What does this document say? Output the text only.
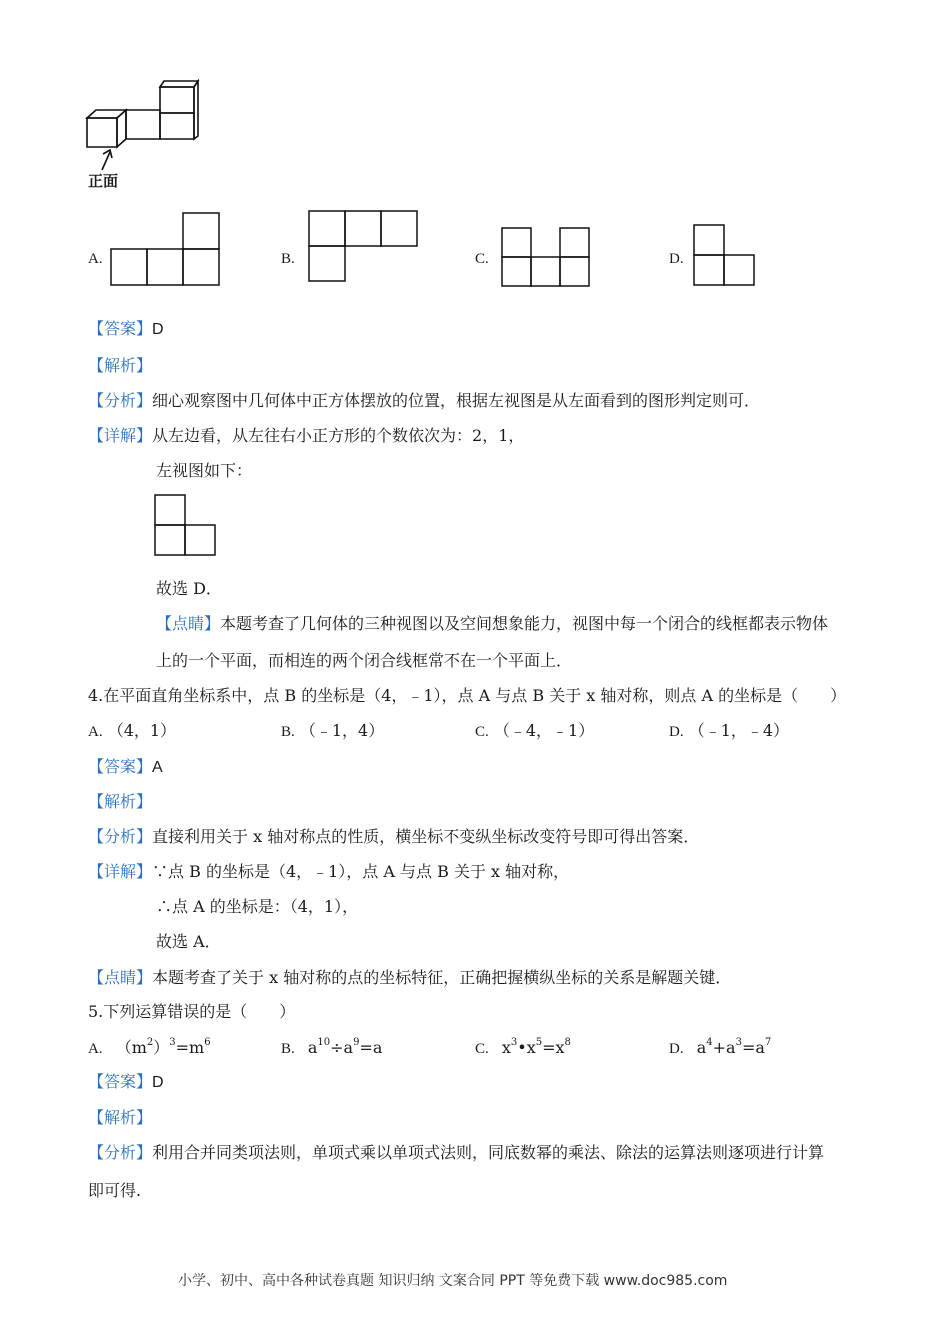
正面
A.	B.	C.	D.
【答案】D
【解析】
【分析】细心观察图中几何体中正方体摆放的位置，根据左视图是从左面看到的图形判定则可．
【详解】从左边看，从左往右小正方形的个数依次为：2，1，
左视图如下：
故选 D．
【点睛】本题考查了几何体的三种视图以及空间想象能力，视图中每一个闭合的线框都表示物体
上的一个平面，而相连的两个闭合线框常不在一个平面上．
4.在平面直角坐标系中，点 B 的坐标是（4，﹣1），点 A 与点 B 关于 x 轴对称，则点 A 的坐标是（　　）
A. （4，1）	B. （﹣1，4）	C. （﹣4，﹣1）	D. （﹣1，﹣4）
【答案】A
【解析】
【分析】直接利用关于 x 轴对称点的性质，横坐标不变纵坐标改变符号即可得出答案．
【详解】∵点 B 的坐标是（4，﹣1），点 A 与点 B 关于 x 轴对称，
∴点 A 的坐标是：（4，1），
故选 A．
【点睛】本题考查了关于 x 轴对称的点的坐标特征，正确把握横纵坐标的关系是解题关键．
5.下列运算错误的是（　　）
A. $(m^2)^3=m^6$	B. $a^{10}\div a^9=a$	C. $x^3•x^5=x^8$	D. $a^4+a^3=a^7$
【答案】D
【解析】
【分析】利用合并同类项法则，单项式乘以单项式法则，同底数幂的乘法、除法的运算法则逐项进行计算
即可得.
小学、初中、高中各种试卷真题 知识归纳 文案合同 PPT 等免费下载 www.doc985.com
